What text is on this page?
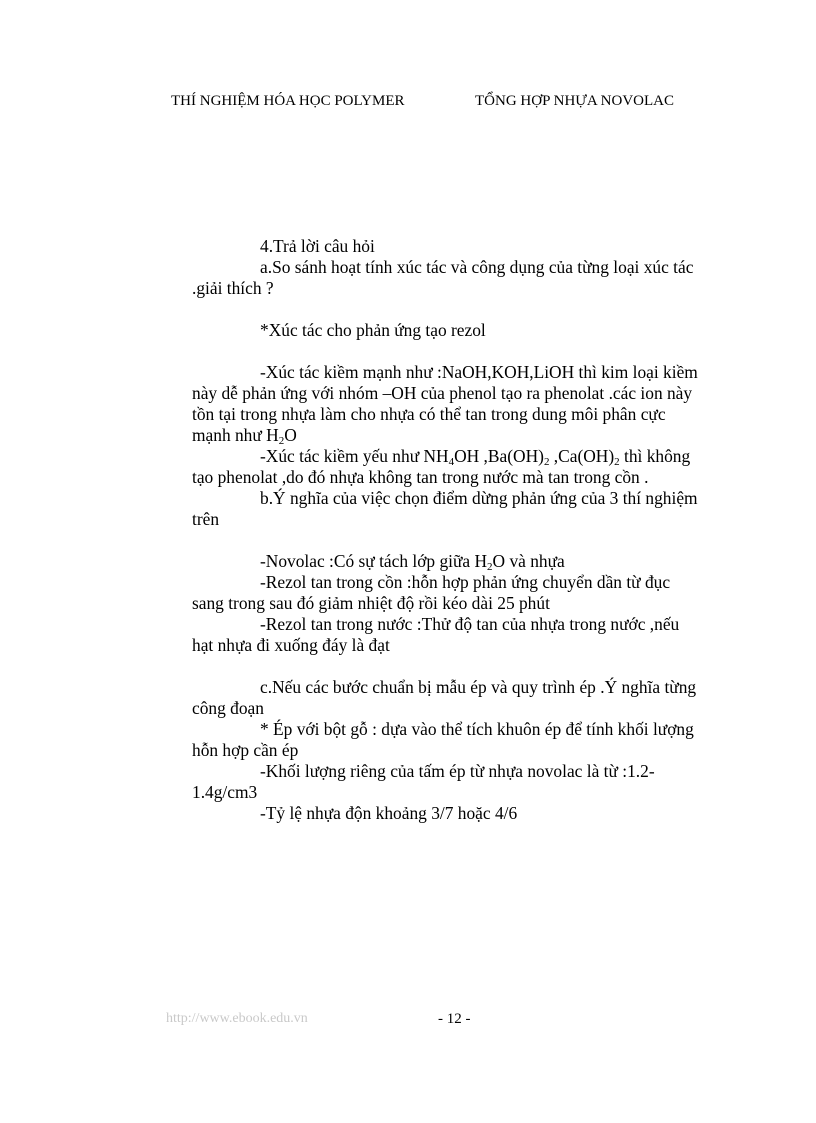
THÍ NGHIỆM HÓA HỌC POLYMER	TỔNG HỢP NHỰA NOVOLAC

4.Trả lời câu hỏi

a.So sánh hoạt tính xúc tác và công dụng của từng loại xúc tác .giải thích ?

*Xúc tác cho phản ứng tạo rezol

-Xúc tác kiềm mạnh như :NaOH,KOH,LiOH thì kim loại kiềm này dễ phản ứng với nhóm –OH của phenol tạo ra phenolat .các ion này tồn tại trong nhựa làm cho nhựa có thể tan trong dung môi phân cực mạnh như $H_2O$

-Xúc tác kiềm yếu như $NH_4OH$ $,Ba(OH)_2$ $,Ca(OH)_2$ thì không tạo phenolat ,do đó nhựa không tan trong nước mà tan trong cồn .

b.Ý nghĩa của việc chọn điểm dừng phản ứng của 3 thí nghiệm trên

-Novolac :Có sự tách lớp giữa $H_2O$ và nhựa

-Rezol tan trong cồn :hỗn hợp phản ứng chuyển dần từ đục sang trong sau đó giảm nhiệt độ rồi kéo dài 25 phút

-Rezol tan trong nước :Thử độ tan của nhựa trong nước ,nếu hạt nhựa đi xuống đáy là đạt

c.Nếu các bước chuẩn bị mẫu ép và quy trình ép .Ý nghĩa từng công đoạn

* Ép với bột gỗ : dựa vào thể tích khuôn ép để tính khối lượng hỗn hợp cần ép

-Khối lượng riêng của tấm ép từ nhựa novolac là từ :1.2-1.4g/cm3

-Tỷ lệ nhựa độn khoảng 3/7 hoặc 4/6

http://www.ebook.edu.vn	- 12 -
